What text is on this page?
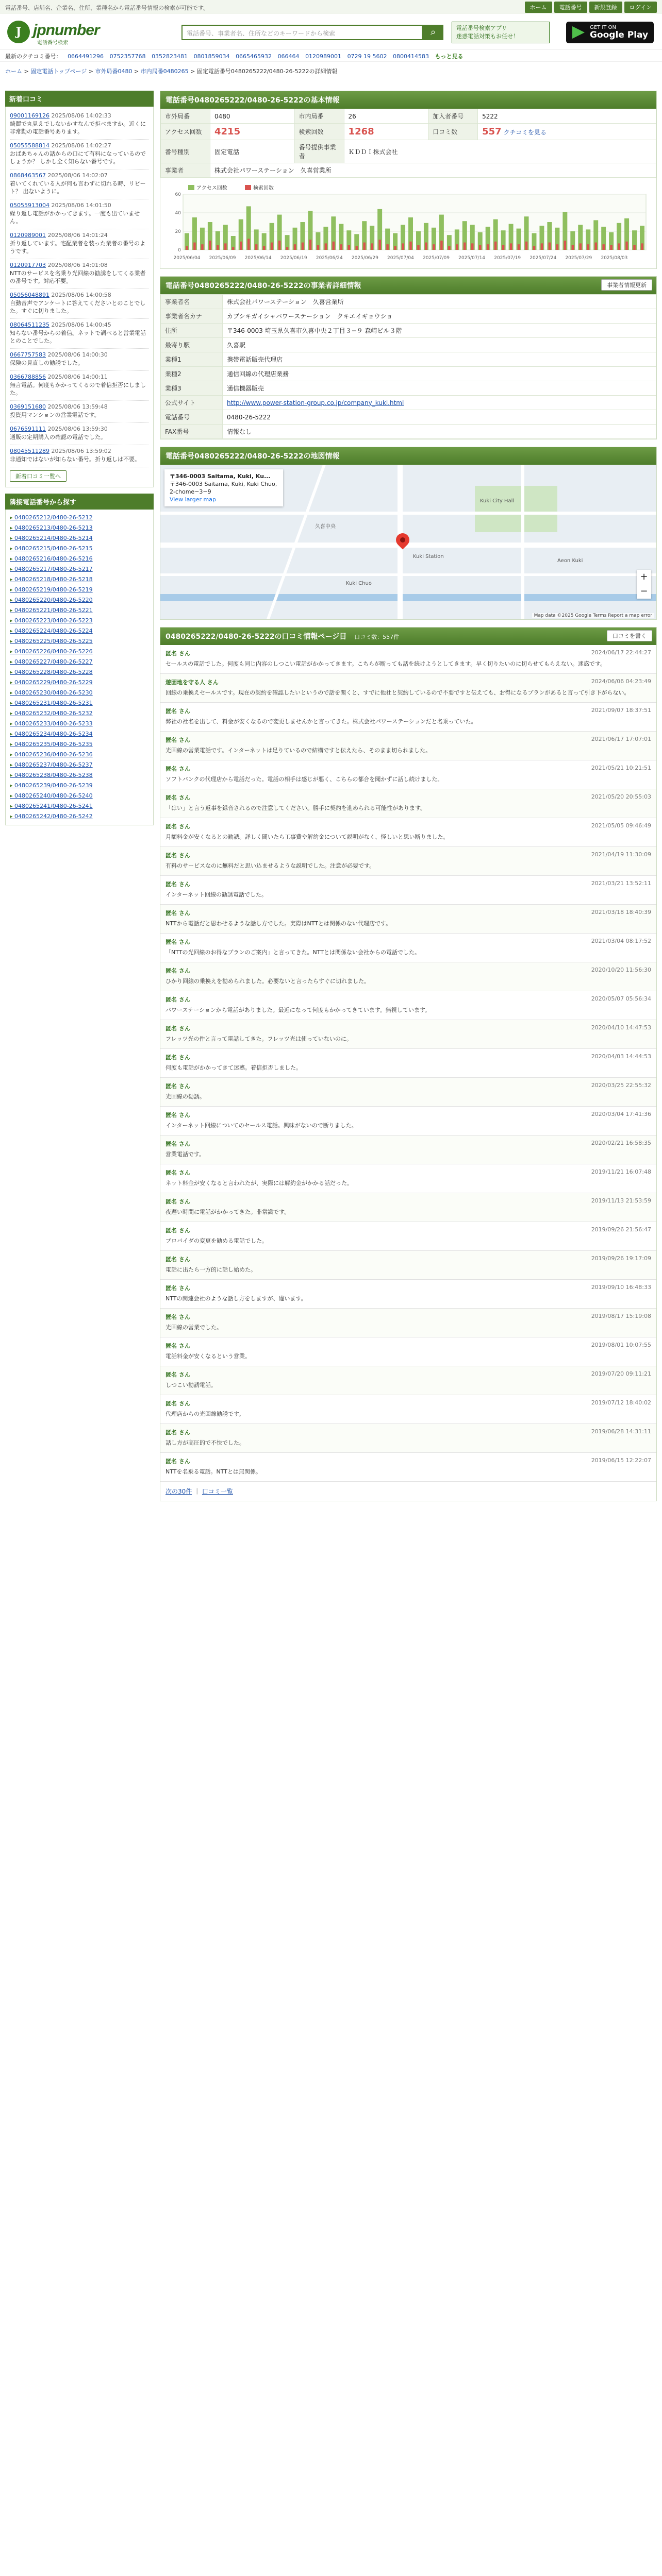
電話番号、店舗名、企業名、住所、業種名から電話番号情報の検索が可能です。	ホーム	電話番号	新規登録	ログイン
J jpnumber
電話番号検索
電話番号、事業者名、住所などのキーワードから検索	⌕	電話番号検索アプリ
迷惑電話対策もお任せ！
GET IT ON
Google Play
最新のクチコミ番号： 0664491296 0752357768 0352823481 0801859034 0665465932 066464 0120989001 0729 19 5602 0800414583 もっと見る
ホーム > 固定電話トップページ > 市外局番0480 > 市内局番0480265 > 固定電話番号0480265222/0480-26-5222の詳細情報
新着口コミ
09001169126 2025/08/06 14:02:33
綺麗で丸見えでしないかすなんで拒べますか。近くに非常勤の電話番号あります。
05055588814 2025/08/06 14:02:27
おばあちゃんの話からの口にて有料になっているのでしょうか？ しかし全く知らない番号です。
0868463567 2025/08/06 14:02:07
着いてくれている人が何も言わずに切れる時、リピート？ 出ないように。
05055913004 2025/08/06 14:01:50
繰り返し電話がかかってきます。一度も出ていません。
0120989001 2025/08/06 14:01:24
折り返しています。宅配業者を装った業者の番号のようです。
0120917703 2025/08/06 14:01:08
NTTのサービスを名乗り光回線の勧誘をしてくる業者の番号です。対応不要。
05056048891 2025/08/06 14:00:58
自動音声でアンケートに答えてくださいとのことでした。すぐに切りました。
08064511235 2025/08/06 14:00:45
知らない番号からの着信。ネットで調べると営業電話とのことでした。
0667757583 2025/08/06 14:00:30
保険の見直しの勧誘でした。
0366788856 2025/08/06 14:00:11
無言電話。何度もかかってくるので着信拒否にしました。
0369151680 2025/08/06 13:59:48
投資用マンションの営業電話です。
0676591111 2025/08/06 13:59:30
通販の定期購入の確認の電話でした。
08045511289 2025/08/06 13:59:02
非通知ではないが知らない番号。折り返しは不要。
新着口コミ一覧へ
隣接電話番号から探す
▸ 0480265212/0480-26-5212
▸ 0480265213/0480-26-5213
▸ 0480265214/0480-26-5214
▸ 0480265215/0480-26-5215
▸ 0480265216/0480-26-5216
▸ 0480265217/0480-26-5217
▸ 0480265218/0480-26-5218
▸ 0480265219/0480-26-5219
▸ 0480265220/0480-26-5220
▸ 0480265221/0480-26-5221
▸ 0480265223/0480-26-5223
▸ 0480265224/0480-26-5224
▸ 0480265225/0480-26-5225
▸ 0480265226/0480-26-5226
▸ 0480265227/0480-26-5227
▸ 0480265228/0480-26-5228
▸ 0480265229/0480-26-5229
▸ 0480265230/0480-26-5230
▸ 0480265231/0480-26-5231
▸ 0480265232/0480-26-5232
▸ 0480265233/0480-26-5233
▸ 0480265234/0480-26-5234
▸ 0480265235/0480-26-5235
▸ 0480265236/0480-26-5236
▸ 0480265237/0480-26-5237
▸ 0480265238/0480-26-5238
▸ 0480265239/0480-26-5239
▸ 0480265240/0480-26-5240
▸ 0480265241/0480-26-5241
▸ 0480265242/0480-26-5242
電話番号0480265222/0480-26-5222の基本情報
市外局番	0480	市内局番	26	加入者番号	5222
アクセス回数	4215	検索回数	1268	口コミ数	557 クチコミを見る
番号種別	固定電話	番号提供事業者	ＫＤＤＩ株式会社		
事業者	株式会社パワーステーション　久喜営業所				
0
20
40
60
2025/06/04 2025/06/09 2025/06/14 2025/06/19 2025/06/24 2025/06/29 2025/07/04 2025/07/09 2025/07/14 2025/07/19 2025/07/24 2025/07/29 2025/08/03
アクセス回数	検索回数
電話番号0480265222/0480-26-5222の事業者詳細情報	事業者情報更新
事業者名	株式会社パワーステーション　久喜営業所
事業者名カナ	カブシキガイシャパワーステーション　クキエイギョウショ
住所	〒346-0003 埼玉県久喜市久喜中央２丁目３−９ 森崎ビル３階
最寄り駅	久喜駅
業種1	携帯電話販売代理店
業種2	通信回線の代理店業務
業種3	通信機器販売
公式サイト	http://www.power-station-group.co.jp/company_kuki.html
電話番号	0480-26-5222
FAX番号	情報なし
電話番号0480265222/0480-26-5222の地図情報
Kuki Station
久喜中央
Kuki Chuo
Kuki City Hall
Aeon Kuki
〒346-0003 Saitama, Kuki, Ku...
〒346-0003 Saitama, Kuki, Kuki Chuo, 2-chome−3−9
View larger map
+
−
Map data ©2025 Google Terms Report a map error
0480265222/0480-26-5222の口コミ情報ページ目 口コミ数：557件	口コミを書く
匿名 さん	2024/06/17 22:44:27
セールスの電話でした。何度も同じ内容のしつこい電話がかかってきます。こちらが断っても話を続けようとしてきます。早く切りたいのに切らせてもらえない。迷惑です。
遊園地を守る人 さん	2024/06/06 04:23:49
回線の乗換えセールスです。現在の契約を確認したいというので話を聞くと、すでに他社と契約しているので不要ですと伝えても、お得になるプランがあると言って引き下がらない。
匿名 さん	2021/09/07 18:37:51
弊社の社名を出して、料金が安くなるので変更しませんかと言ってきた。株式会社パワーステーションだと名乗っていた。
匿名 さん	2021/06/17 17:07:01
光回線の営業電話です。インターネットは足りているので結構ですと伝えたら、そのまま切られました。
匿名 さん	2021/05/21 10:21:51
ソフトバンクの代理店から電話だった。電話の相手は感じが悪く、こちらの都合を聞かずに話し続けました。
匿名 さん	2021/05/20 20:55:03
「はい」と言う返事を録音されるので注意してください。勝手に契約を進められる可能性があります。
匿名 さん	2021/05/05 09:46:49
月額料金が安くなるとの勧誘。詳しく聞いたら工事費や解約金について説明がなく、怪しいと思い断りました。
匿名 さん	2021/04/19 11:30:09
有料のサービスなのに無料だと思い込ませるような説明でした。注意が必要です。
匿名 さん	2021/03/21 13:52:11
インターネット回線の勧誘電話でした。
匿名 さん	2021/03/18 18:40:39
NTTから電話だと思わせるような話し方でした。実際はNTTとは関係のない代理店です。
匿名 さん	2021/03/04 08:17:52
「NTTの光回線のお得なプランのご案内」と言ってきた。NTTとは関係ない会社からの電話でした。
匿名 さん	2020/10/20 11:56:30
ひかり回線の乗換えを勧められました。必要ないと言ったらすぐに切れました。
匿名 さん	2020/05/07 05:56:34
パワーステーションから電話がありました。最近になって何度もかかってきています。無視しています。
匿名 さん	2020/04/10 14:47:53
フレッツ光の件と言って電話してきた。フレッツ光は使っていないのに。
匿名 さん	2020/04/03 14:44:53
何度も電話がかかってきて迷惑。着信拒否しました。
匿名 さん	2020/03/25 22:55:32
光回線の勧誘。
匿名 さん	2020/03/04 17:41:36
インターネット回線についてのセールス電話。興味がないので断りました。
匿名 さん	2020/02/21 16:58:35
営業電話です。
匿名 さん	2019/11/21 16:07:48
ネット料金が安くなると言われたが、実際には解約金がかかる話だった。
匿名 さん	2019/11/13 21:53:59
夜遅い時間に電話がかかってきた。非常識です。
匿名 さん	2019/09/26 21:56:47
プロバイダの変更を勧める電話でした。
匿名 さん	2019/09/26 19:17:09
電話に出たら一方的に話し始めた。
匿名 さん	2019/09/10 16:48:33
NTTの関連会社のような話し方をしますが、違います。
匿名 さん	2019/08/17 15:19:08
光回線の営業でした。
匿名 さん	2019/08/01 10:07:55
電話料金が安くなるという営業。
匿名 さん	2019/07/20 09:11:21
しつこい勧誘電話。
匿名 さん	2019/07/12 18:40:02
代理店からの光回線勧誘です。
匿名 さん	2019/06/28 14:31:11
話し方が高圧的で不快でした。
匿名 さん	2019/06/15 12:22:07
NTTを名乗る電話。NTTとは無関係。
次の30件 ｜ 口コミ一覧
